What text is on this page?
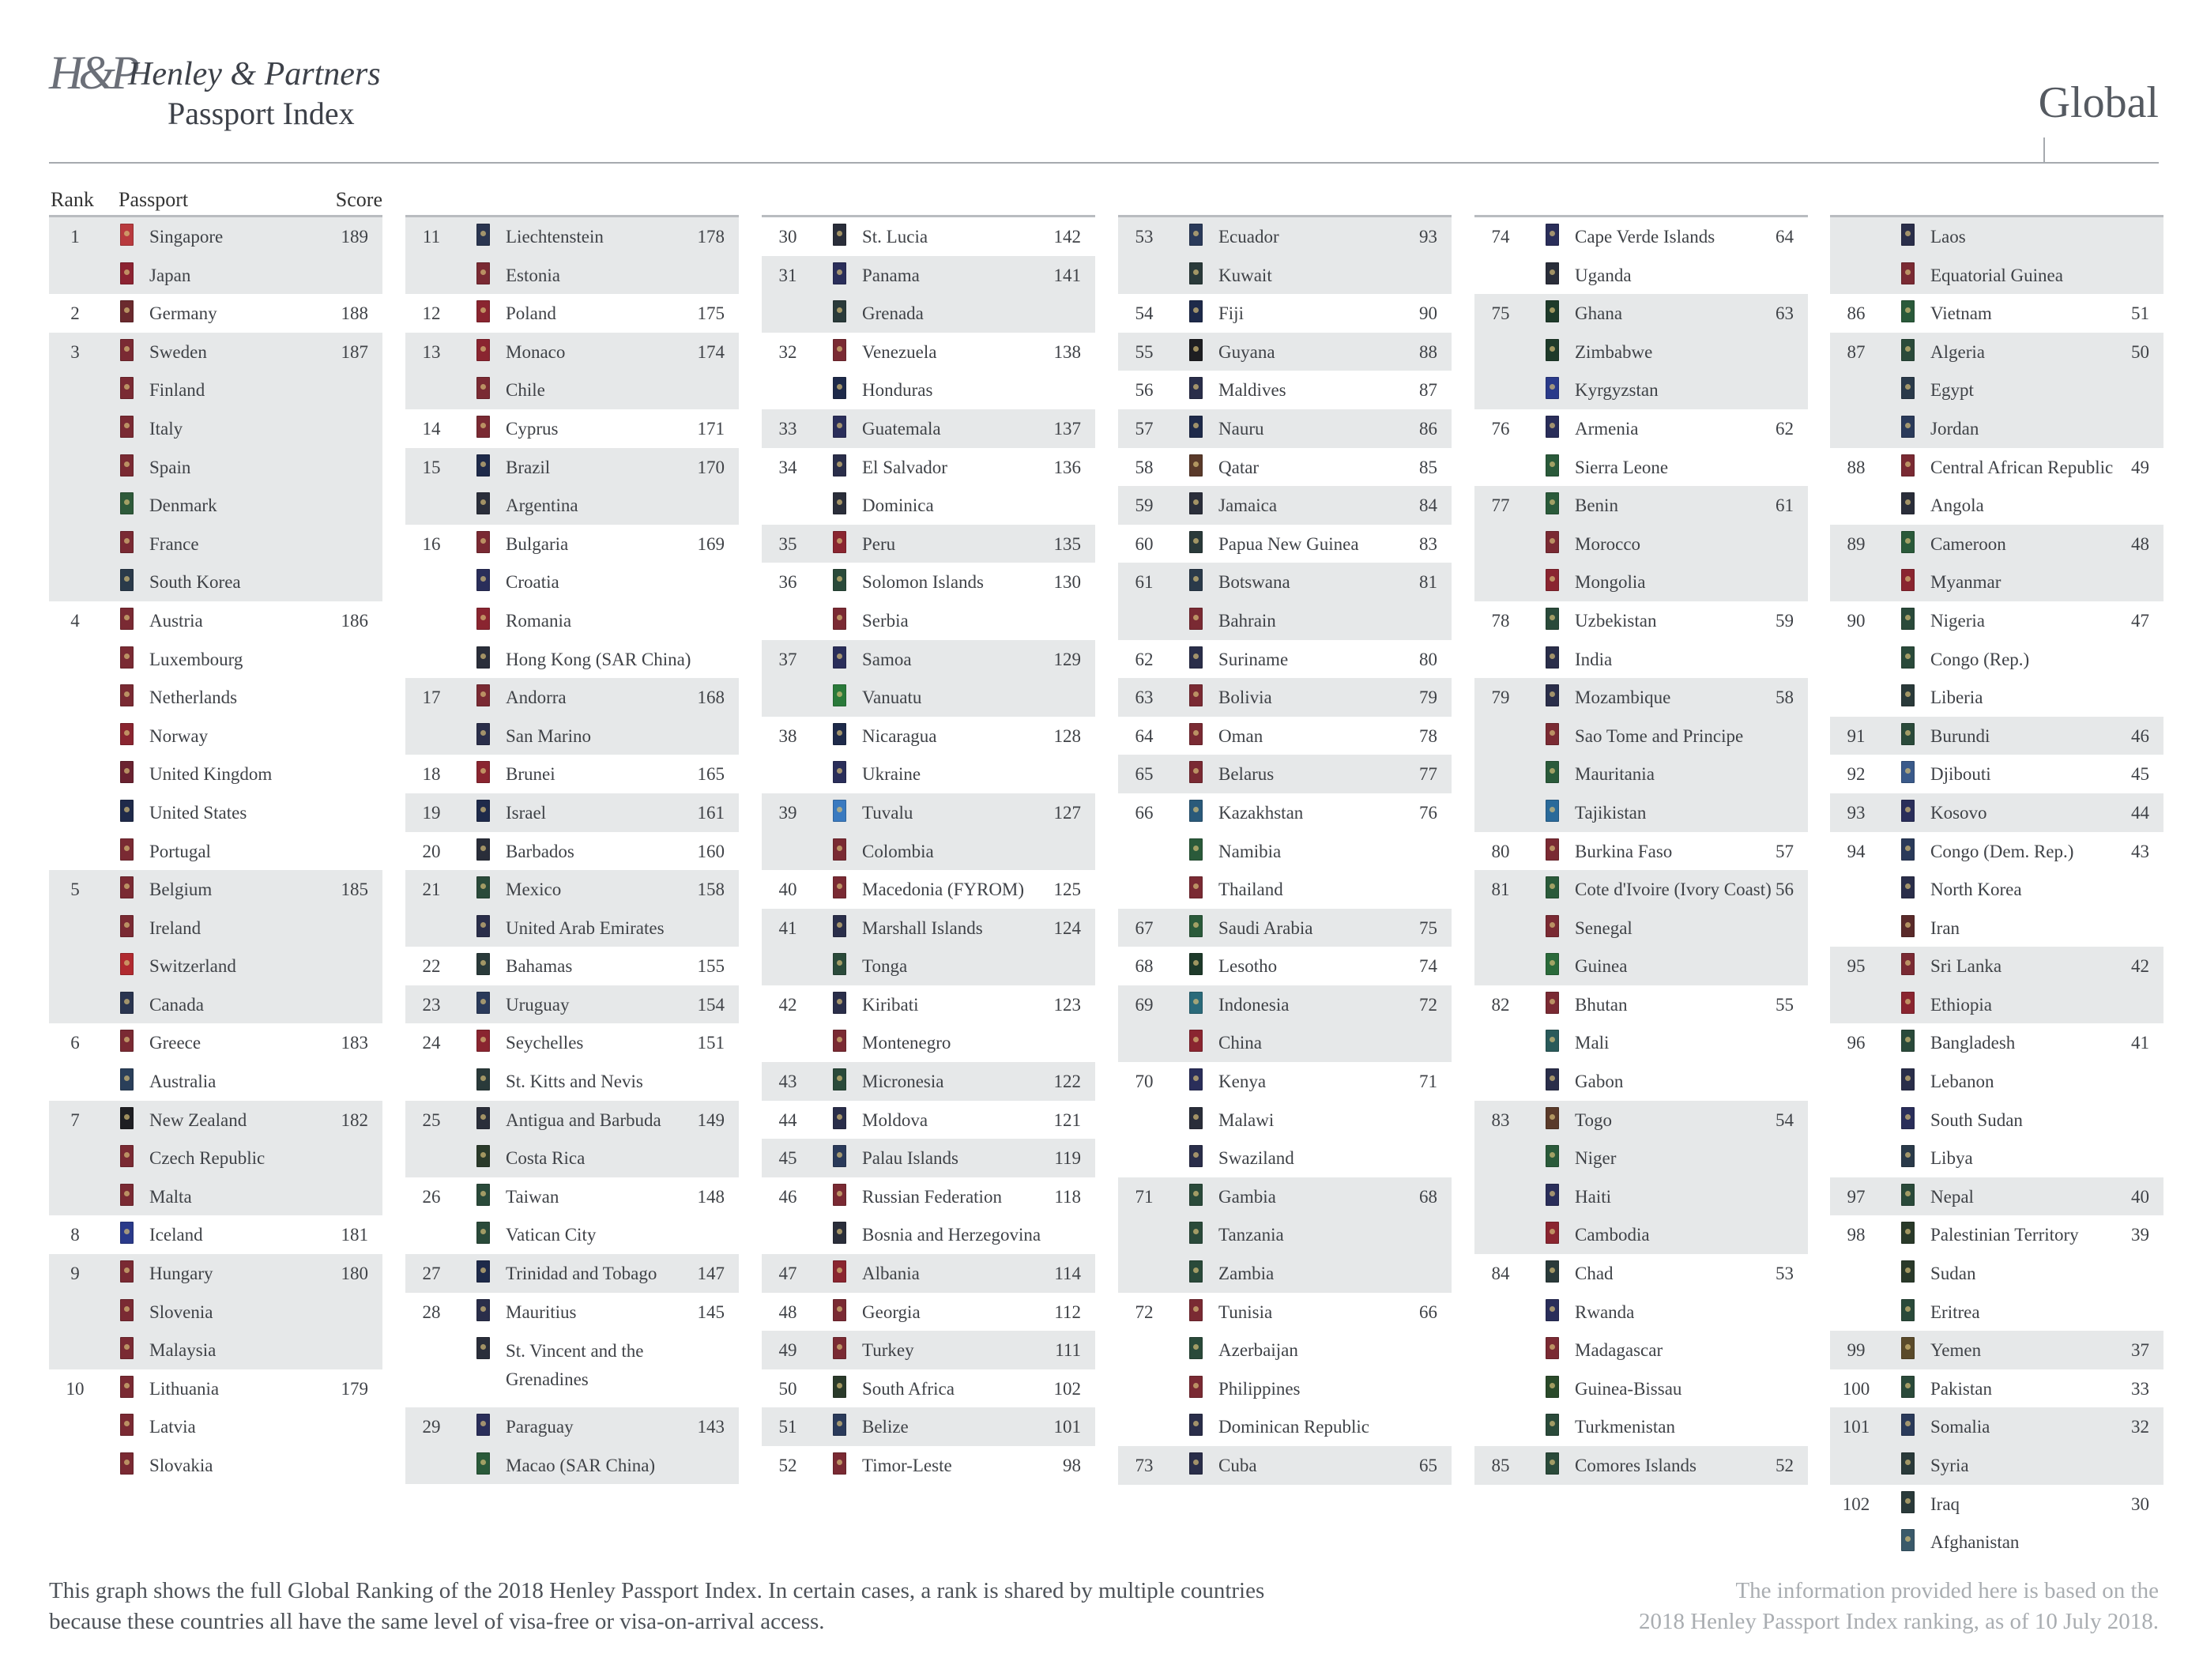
H&P
Henley & Partners
Passport Index	Global
Rank Passport	Score
1	Singapore	189
Japan
2	Germany	188
3	Sweden	187
Finland
Italy
Spain
Denmark
France
South Korea
4	Austria	186
Luxembourg
Netherlands
Norway
United Kingdom
United States
Portugal
5	Belgium	185
Ireland
Switzerland
Canada
6	Greece	183
Australia
7	New Zealand	182
Czech Republic
Malta
8	Iceland	181
9	Hungary	180
Slovenia
Malaysia
10	Lithuania	179
Latvia
Slovakia
11	Liechtenstein	178
Estonia
12	Poland	175
13	Monaco	174
Chile
14	Cyprus	171
15	Brazil	170
Argentina
16	Bulgaria	169
Croatia
Romania
Hong Kong (SAR China)
17	Andorra	168
San Marino
18	Brunei	165
19	Israel	161
20	Barbados	160
21	Mexico	158
United Arab Emirates
22	Bahamas	155
23	Uruguay	154
24	Seychelles	151
St. Kitts and Nevis
25	Antigua and Barbuda	149
Costa Rica
26	Taiwan	148
Vatican City
27	Trinidad and Tobago	147
28	Mauritius	145
St. Vincent and the Grenadines
29	Paraguay	143
Macao (SAR China)
30	St. Lucia	142
31	Panama	141
Grenada
32	Venezuela	138
Honduras
33	Guatemala	137
34	El Salvador	136
Dominica
35	Peru	135
36	Solomon Islands	130
Serbia
37	Samoa	129
Vanuatu
38	Nicaragua	128
Ukraine
39	Tuvalu	127
Colombia
40	Macedonia (FYROM)	125
41	Marshall Islands	124
Tonga
42	Kiribati	123
Montenegro
43	Micronesia	122
44	Moldova	121
45	Palau Islands	119
46	Russian Federation	118
Bosnia and Herzegovina
47	Albania	114
48	Georgia	112
49	Turkey	111
50	South Africa	102
51	Belize	101
52	Timor-Leste	98
53	Ecuador	93
Kuwait
54	Fiji	90
55	Guyana	88
56	Maldives	87
57	Nauru	86
58	Qatar	85
59	Jamaica	84
60	Papua New Guinea	83
61	Botswana	81
Bahrain
62	Suriname	80
63	Bolivia	79
64	Oman	78
65	Belarus	77
66	Kazakhstan	76
Namibia
Thailand
67	Saudi Arabia	75
68	Lesotho	74
69	Indonesia	72
China
70	Kenya	71
Malawi
Swaziland
71	Gambia	68
Tanzania
Zambia
72	Tunisia	66
Azerbaijan
Philippines
Dominican Republic
73	Cuba	65
74	Cape Verde Islands	64
Uganda
75	Ghana	63
Zimbabwe
Kyrgyzstan
76	Armenia	62
Sierra Leone
77	Benin	61
Morocco
Mongolia
78	Uzbekistan	59
India
79	Mozambique	58
Sao Tome and Principe
Mauritania
Tajikistan
80	Burkina Faso	57
81	Cote d'Ivoire (Ivory Coast) 56
Senegal
Guinea
82	Bhutan	55
Mali
Gabon
83	Togo	54
Niger
Haiti
Cambodia
84	Chad	53
Rwanda
Madagascar
Guinea-Bissau
Turkmenistan
85	Comores Islands	52
Laos
Equatorial Guinea
86	Vietnam	51
87	Algeria	50
Egypt
Jordan
88	Central African Republic 49
Angola
89	Cameroon	48
Myanmar
90	Nigeria	47
Congo (Rep.)
Liberia
91	Burundi	46
92	Djibouti	45
93	Kosovo	44
94	Congo (Dem. Rep.)	43
North Korea
Iran
95	Sri Lanka	42
Ethiopia
96	Bangladesh	41
Lebanon
South Sudan
Libya
97	Nepal	40
98	Palestinian Territory	39
Sudan
Eritrea
99	Yemen	37
100	Pakistan	33
101	Somalia	32
Syria
102	Iraq	30
Afghanistan
This graph shows the full Global Ranking of the 2018 Henley Passport Index. In certain cases, a rank is shared by multiple countries
because these countries all have the same level of visa-free or visa-on-arrival access.
The information provided here is based on the
2018 Henley Passport Index ranking, as of 10 July 2018.
